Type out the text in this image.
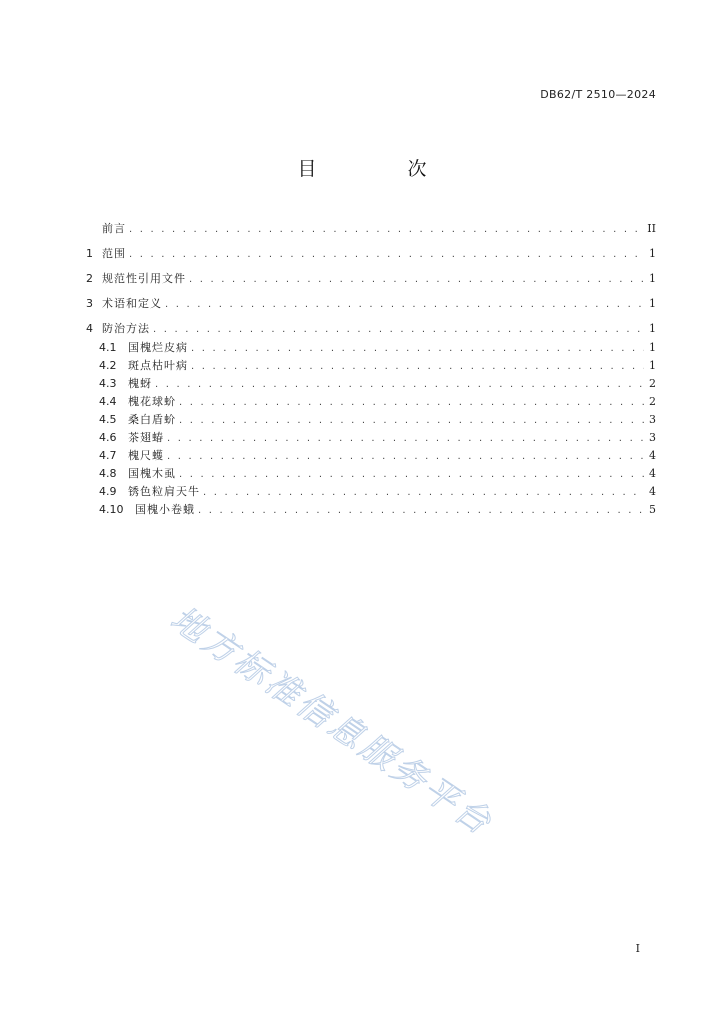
DB62/T 2510—2024
目　次
前言 . . .	II
1 范围 . . .	1
2 规范性引用文件 . . .	1
3 术语和定义 . . .	1
4 防治方法 . . .	1
4.1	国槐烂皮病 . . .	1
4.2	斑点枯叶病 . . .	1
4.3	槐蚜 . . .	2
4.4	槐花球蚧 . . .	2
4.5	桑白盾蚧 . . .	3
4.6	茶翅蝽 . . .	3
4.7	槐尺蠖 . . .	4
4.8	国槐木虱 . . .	4
4.9	锈色粒肩天牛 . . .	4
4.10	国槐小卷蛾 . . .	5
地方标准信息服务平台
I
